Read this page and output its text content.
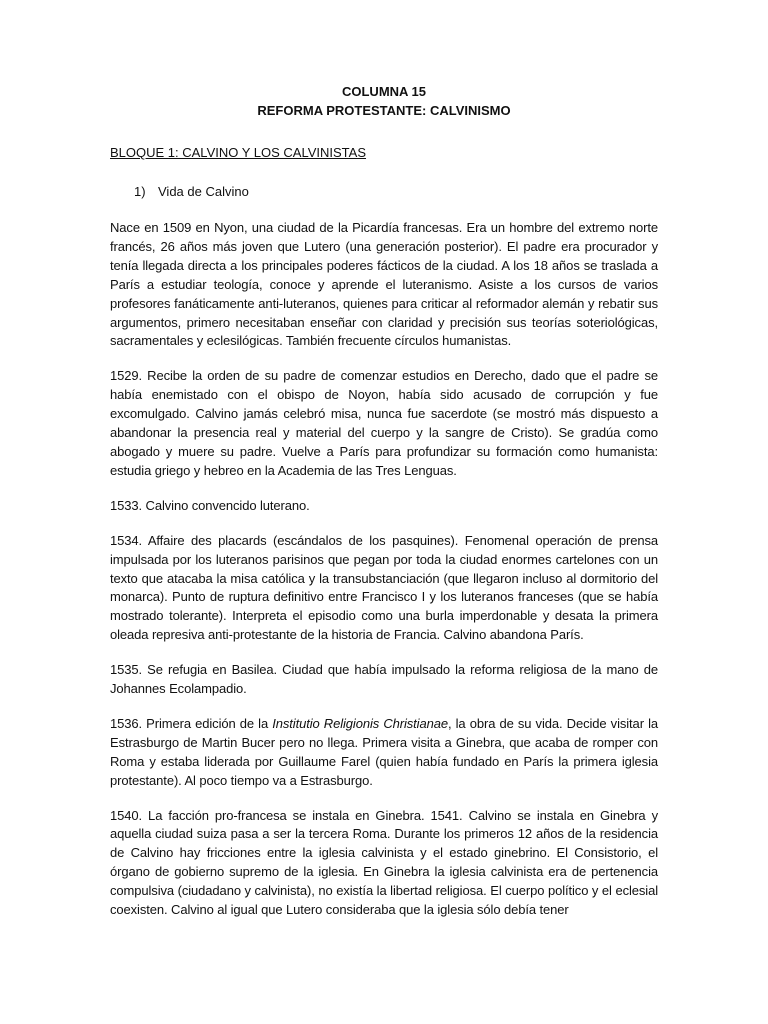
COLUMNA 15
REFORMA PROTESTANTE: CALVINISMO
BLOQUE 1: CALVINO Y LOS CALVINISTAS
1) Vida de Calvino

Nace en 1509 en Nyon, una ciudad de la Picardía francesas. Era un hombre del extremo norte francés, 26 años más joven que Lutero (una generación posterior). El padre era procurador y tenía llegada directa a los principales poderes fácticos de la ciudad. A los 18 años se traslada a París a estudiar teología, conoce y aprende el luteranismo. Asiste a los cursos de varios profesores fanáticamente anti-luteranos, quienes para criticar al reformador alemán y rebatir sus argumentos, primero necesitaban enseñar con claridad y precisión sus teorías soteriológicas, sacramentales y eclesilógicas. También frecuente círculos humanistas.

1529. Recibe la orden de su padre de comenzar estudios en Derecho, dado que el padre se había enemistado con el obispo de Noyon, había sido acusado de corrupción y fue excomulgado. Calvino jamás celebró misa, nunca fue sacerdote (se mostró más dispuesto a abandonar la presencia real y material del cuerpo y la sangre de Cristo). Se gradúa como abogado y muere su padre. Vuelve a París para profundizar su formación como humanista: estudia griego y hebreo en la Academia de las Tres Lenguas.

1533. Calvino convencido luterano.

1534. Affaire des placards (escándalos de los pasquines). Fenomenal operación de prensa impulsada por los luteranos parisinos que pegan por toda la ciudad enormes cartelones con un texto que atacaba la misa católica y la transubstanciación (que llegaron incluso al dormitorio del monarca). Punto de ruptura definitivo entre Francisco I y los luteranos franceses (que se había mostrado tolerante). Interpreta el episodio como una burla imperdonable y desata la primera oleada represiva anti-protestante de la historia de Francia. Calvino abandona París.

1535. Se refugia en Basilea. Ciudad que había impulsado la reforma religiosa de la mano de Johannes Ecolampadio.

1536. Primera edición de la Institutio Religionis Christianae, la obra de su vida. Decide visitar la Estrasburgo de Martin Bucer pero no llega. Primera visita a Ginebra, que acaba de romper con Roma y estaba liderada por Guillaume Farel (quien había fundado en París la primera iglesia protestante). Al poco tiempo va a Estrasburgo.

1540. La facción pro-francesa se instala en Ginebra. 1541. Calvino se instala en Ginebra y aquella ciudad suiza pasa a ser la tercera Roma. Durante los primeros 12 años de la residencia de Calvino hay fricciones entre la iglesia calvinista y el estado ginebrino. El Consistorio, el órgano de gobierno supremo de la iglesia. En Ginebra la iglesia calvinista era de pertenencia compulsiva (ciudadano y calvinista), no existía la libertad religiosa. El cuerpo político y el eclesial coexisten. Calvino al igual que Lutero consideraba que la iglesia sólo debía tener
